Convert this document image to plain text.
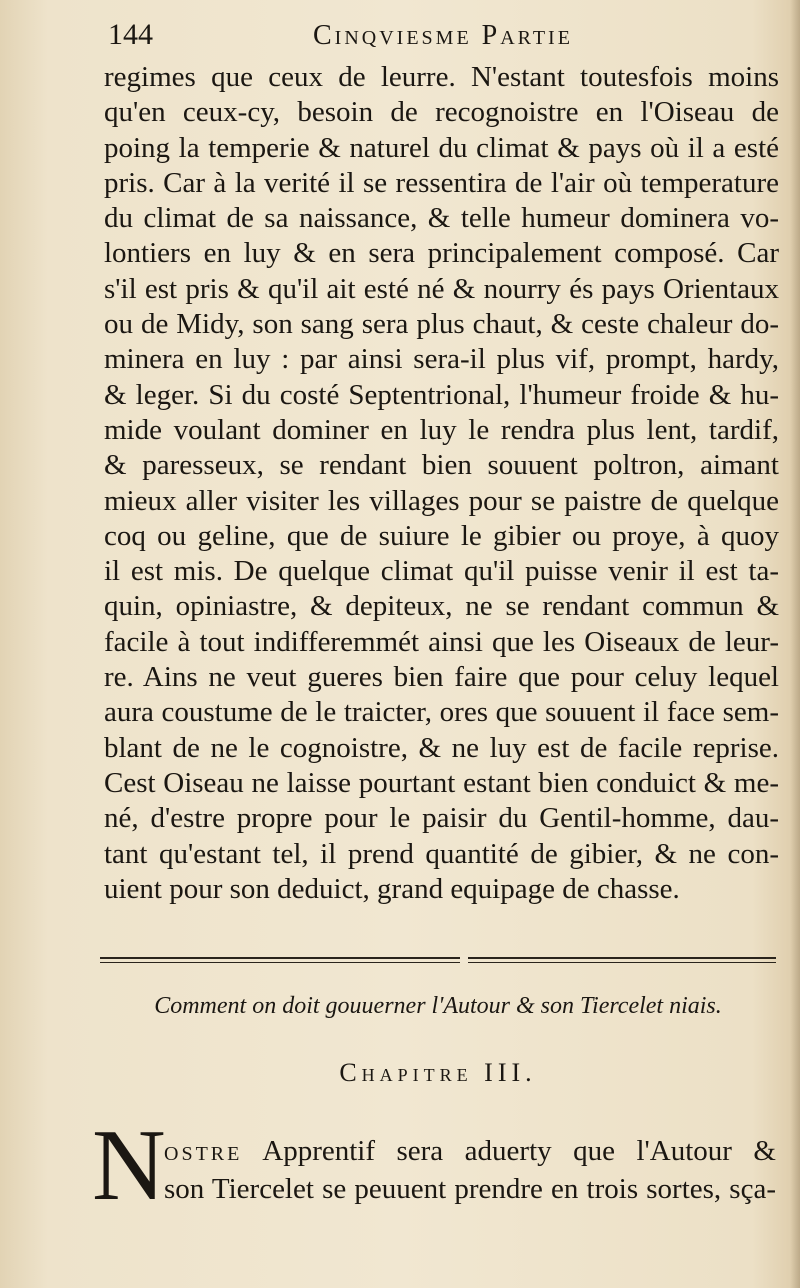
144	Cinqviesme Partie
regimes que ceux de leurre. N'estant toutesfois moins
qu'en ceux-cy, besoin de recognoistre en l'Oiseau de
poing la temperie & naturel du climat & pays où il a esté
pris. Car à la verité il se ressentira de l'air où temperature
du climat de sa naissance, & telle humeur dominera vo-
lontiers en luy & en sera principalement composé. Car
s'il est pris & qu'il ait esté né & nourry és pays Orientaux
ou de Midy, son sang sera plus chaut, & ceste chaleur do-
minera en luy : par ainsi sera-il plus vif, prompt, hardy,
& leger. Si du costé Septentrional, l'humeur froide & hu-
mide voulant dominer en luy le rendra plus lent, tardif,
& paresseux, se rendant bien souuent poltron, aimant
mieux aller visiter les villages pour se paistre de quelque
coq ou geline, que de suiure le gibier ou proye, à quoy
il est mis. De quelque climat qu'il puisse venir il est ta-
quin, opiniastre, & depiteux, ne se rendant commun &
facile à tout indifferemmét ainsi que les Oiseaux de leur-
re. Ains ne veut gueres bien faire que pour celuy lequel
aura coustume de le traicter, ores que souuent il face sem-
blant de ne le cognoistre, & ne luy est de facile reprise.
Cest Oiseau ne laisse pourtant estant bien conduict & me-
né, d'estre propre pour le paisir du Gentil-homme, dau-
tant qu'estant tel, il prend quantité de gibier, & ne con-
uient pour son deduict, grand equipage de chasse.
Comment on doit gouuerner l'Autour & son Tiercelet niais.
Chapitre III.
N
ostre Apprentif sera aduerty que l'Autour &
son Tiercelet se peuuent prendre en trois sortes, sça-
